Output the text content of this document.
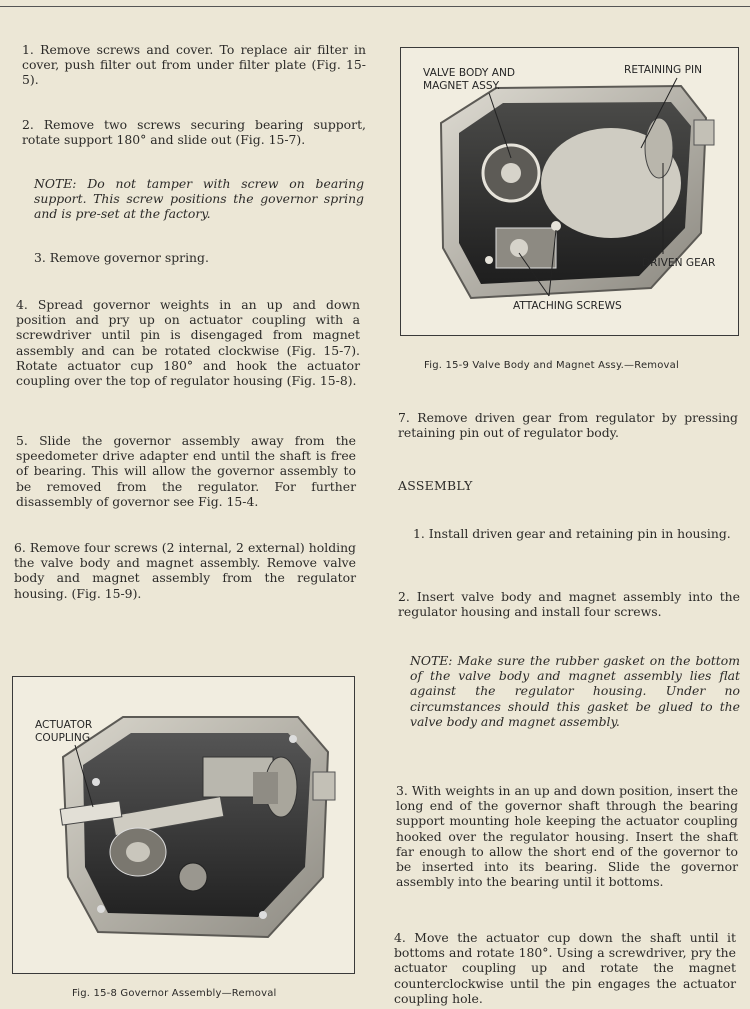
1. Remove screws and cover. To replace air filter in cover, push filter out from under filter plate (Fig. 15-5).

2. Remove two screws securing bearing support, rotate support 180° and slide out (Fig. 15-7).

NOTE: Do not tamper with screw on bearing support. This screw positions the governor spring and is pre-set at the factory.

3. Remove governor spring.

4. Spread governor weights in an up and down position and pry up on actuator coupling with a screwdriver until pin is disengaged from magnet assembly and can be rotated clockwise (Fig. 15-7). Rotate actuator cup 180° and hook the actuator coupling over the top of regulator housing (Fig. 15-8).

5. Slide the governor assembly away from the speedometer drive adapter end until the shaft is free of bearing. This will allow the governor assembly to be removed from the regulator. For further disassembly of governor see Fig. 15-4.

6. Remove four screws (2 internal, 2 external) holding the valve body and magnet assembly. Remove valve body and magnet assembly from the regulator housing. (Fig. 15-9).

ACTUATOR
COUPLING
Fig. 15-8 Governor Assembly—Removal
VALVE BODY AND
MAGNET ASSY.
RETAINING PIN
DRIVEN GEAR
ATTACHING SCREWS
Fig. 15-9 Valve Body and Magnet Assy.—Removal

7. Remove driven gear from regulator by pressing retaining pin out of regulator body.

ASSEMBLY

1. Install driven gear and retaining pin in housing.

2. Insert valve body and magnet assembly into the regulator housing and install four screws.

NOTE: Make sure the rubber gasket on the bottom of the valve body and magnet assembly lies flat against the regulator housing. Under no circumstances should this gasket be glued to the valve body and magnet assembly.

3. With weights in an up and down position, insert the long end of the governor shaft through the bearing support mounting hole keeping the actuator coupling hooked over the regulator housing. Insert the shaft far enough to allow the short end of the governor to be inserted into its bearing. Slide the governor assembly into the bearing until it bottoms.

4. Move the actuator cup down the shaft until it bottoms and rotate 180°. Using a screwdriver, pry the actuator coupling up and rotate the magnet counterclockwise until the pin engages the actuator coupling hole.
